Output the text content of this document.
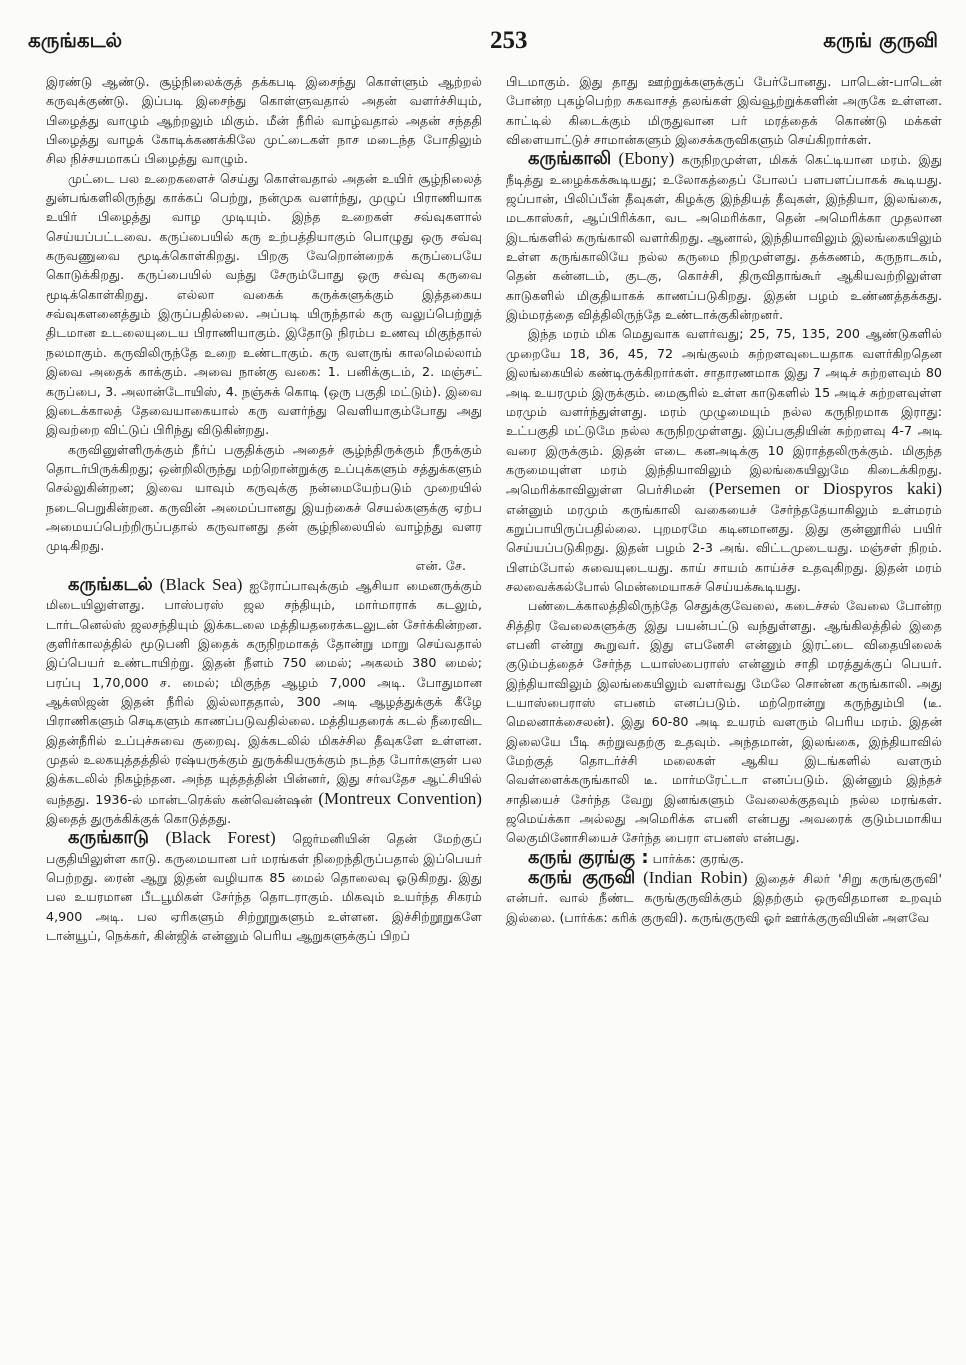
கருங்கடல்	253	கருங் குருவி

இரண்டு ஆண்டு. சூழ்நிலைக்குத் தக்கபடி இசைந்து கொள்ளும் ஆற்றல் கருவுக்குண்டு. இப்படி இசைந்து கொள்ளுவதால் அதன் வளர்ச்சியும், பிழைத்து வாழும் ஆற்றலும் மிகும். மீன் நீரில் வாழ்வதால் அதன் சந்ததி பிழைத்து வாழக் கோடிக்கணக்கிலே முட்டைகள் நாச மடைந்த போதிலும் சில நிச்சயமாகப் பிழைத்து வாழும்.

முட்டை பல உறைகளைச் செய்து கொள்வதால் அதன் உயிர் சூழ்நிலைத் துன்பங்களிலிருந்து காக்கப் பெற்று, நன்முக வளர்ந்து, முழுப் பிராணியாக உயிர் பிழைத்து வாழ முடியும். இந்த உறைகள் சவ்வுகளால் செய்யப்பட்டவை. கருப்பையில் கரு உற்பத்தியாகும் பொழுது ஒரு சவ்வு கருவணுவை மூடிக்கொள்கிறது. பிறகு வேறொன்றைக் கருப்பையே கொடுக்கிறது. கருப்பையில் வந்து சேரும்போது ஒரு சவ்வு கருவை மூடிக்கொள்கிறது. எல்லா வகைக் கருக்களுக்கும் இத்தகைய சவ்வுகளனைத்தும் இருப்பதில்லை. அப்படி யிருந்தால் கரு வலுப்பெற்றுத் திடமான உடலையுடைய பிராணியாகும். இதோடு நிரம்ப உணவு மிகுந்தால் நலமாகும். கருவிலிருந்தே உறை உண்டாகும். கரு வளருங் காலமெல்லாம் இவை அதைக் காக்கும். அவை நான்கு வகை: 1. பனிக்குடம், 2. மஞ்சட் கருப்பை, 3. அலான்டோயிஸ், 4. நஞ்சுக் கொடி (ஒரு பகுதி மட்டும்). இவை இடைக்காலத் தேவையாகையால் கரு வளர்ந்து வெளியாகும்போது அது இவற்றை விட்டுப் பிரிந்து விடுகின்றது.

கருவினுள்ளிருக்கும் நீர்ப் பகுதிக்கும் அதைச் சூழ்ந்திருக்கும் நீருக்கும் தொடர்பிருக்கிறது; ஒன்றிலிருந்து மற்றொன்றுக்கு உப்புக்களும் சத்துக்களும் செல்லுகின்றன; இவை யாவும் கருவுக்கு நன்மையேற்படும் முறையில் நடைபெறுகின்றன. கருவின் அமைப்பானது இயற்கைச் செயல்களுக்கு ஏற்ப அமையப்பெற்றிருப்பதால் கருவானது தன் சூழ்நிலையில் வாழ்ந்து வளர முடிகிறது.
என். சே.

கருங்கடல் (Black Sea) ஐரோப்பாவுக்கும் ஆசியா மைனருக்கும் மிடையிலுள்ளது. பாஸ்பரஸ் ஜல சந்தியும், மார்மாராக் கடலும், டார்டனெல்ஸ் ஜலசந்தியும் இக்கடலை மத்தியதரைக்கடலுடன் சேர்க்கின்றன. குளிர்காலத்தில் மூடுபனி இதைக் கருநிறமாகத் தோன்று மாறு செய்வதால் இப்பெயர் உண்டாயிற்று. இதன் நீளம் 750 மைல்; அகலம் 380 மைல்; பரப்பு 1,70,000 ச. மைல்; மிகுந்த ஆழம் 7,000 அடி. போதுமான ஆக்ஸிஜன் இதன் நீரில் இல்லாததால், 300 அடி ஆழத்துக்குக் கீழே பிராணிகளும் செடிகளும் காணப்படுவதில்லை. மத்தியதரைக் கடல் நீரைவிட இதன்நீரில் உப்புச்சுவை குறைவு. இக்கடலில் மிகச்சில தீவுகளே உள்ளன. முதல் உலகயுத்தத்தில் ரஷ்யருக்கும் துருக்கியருக்கும் நடந்த போர்களுள் பல இக்கடலில் நிகழ்ந்தன. அந்த யுத்தத்தின் பின்னர், இது சர்வதேச ஆட்சியில் வந்தது. 1936-ல் மான்டரெக்ஸ் கன்வென்ஷன் (Montreux Convention) இதைத் துருக்கிக்குக் கொடுத்தது.

கருங்காடு (Black Forest) ஜெர்மனியின் தென் மேற்குப் பகுதியிலுள்ள காடு. கருமையான பர் மரங்கள் நிறைந்திருப்பதால் இப்பெயர் பெற்றது. ரைன் ஆறு இதன் வழியாக 85 மைல் தொலைவு ஓடுகிறது. இது பல உயரமான பீடபூமிகள் சேர்ந்த தொடராகும். மிகவும் உயர்ந்த சிகரம் 4,900 அடி. பல ஏரிகளும் சிற்றூறுகளும் உள்ளன. இச்சிற்றூறுகளே டான்யூப், நெக்கர், கின்ஜிக் என்னும் பெரிய ஆறுகளுக்குப் பிறப்

பிடமாகும். இது தாது ஊற்றுக்களுக்குப் பேர்போனது. பாடென்-பாடென் போன்ற புகழ்பெற்ற சுகவாசத் தலங்கள் இவ்வூற்றுக்களின் அருகே உள்ளன. காட்டில் கிடைக்கும் மிருதுவான பர் மரத்தைக் கொண்டு மக்கள் விளையாட்டுச் சாமான்களும் இசைக்கருவிகளும் செய்கிறார்கள்.

கருங்காலி (Ebony) கருநிறமுள்ள, மிகக் கெட்டியான மரம். இது நீடித்து உழைக்கக்கூடியது; உலோகத்தைப் போலப் பளபளப்பாகக் கூடியது. ஜப்பான், பிலிப்பீன் தீவுகள், கிழக்கு இந்தியத் தீவுகள், இந்தியா, இலங்கை, மடகாஸ்கர், ஆப்பிரிக்கா, வட அமெரிக்கா, தென் அமெரிக்கா முதலான இடங்களில் கருங்காலி வளர்கிறது. ஆனால், இந்தியாவிலும் இலங்கையிலும் உள்ள கருங்காலியே நல்ல கருமை நிறமுள்ளது. தக்கணம், கருநாடகம், தென் கன்னடம், குடகு, கொச்சி, திருவிதாங்கூர் ஆகியவற்றிலுள்ள காடுகளில் மிகுதியாகக் காணப்படுகிறது. இதன் பழம் உண்ணத்தக்கது. இம்மரத்தை வித்திலிருந்தே உண்டாக்குகின்றனர்.

இந்த மரம் மிக மெதுவாக வளர்வது; 25, 75, 135, 200 ஆண்டுகளில் முறையே 18, 36, 45, 72 அங்குலம் சுற்றளவுடையதாக வளர்கிறதென இலங்கையில் கண்டிருக்கிறார்கள். சாதாரணமாக இது 7 அடிச் சுற்றளவும் 80 அடி உயரமும் இருக்கும். மைசூரில் உள்ள காடுகளில் 15 அடிச் சுற்றளவுள்ள மரமும் வளர்ந்துள்ளது. மரம் முழுமையும் நல்ல கருநிறமாக இராது: உட்பகுதி மட்டுமே நல்ல கருநிறமுள்ளது. இப்பகுதியின் சுற்றளவு 4-7 அடி வரை இருக்கும். இதன் எடை கனஅடிக்கு 10 இராத்தலிருக்கும். மிகுந்த கருமையுள்ள மரம் இந்தியாவிலும் இலங்கையிலுமே கிடைக்கிறது. அமெரிக்காவிலுள்ள பெர்சிமன் (Persemen or Diospyros kaki) என்னும் மரமும் கருங்காலி வகையைச் சேர்ந்ததேயாகிலும் உள்மரம் கறுப்பாயிருப்பதில்லை. புறமரமே கடினமானது. இது குன்னூரில் பயிர் செய்யப்படுகிறது. இதன் பழம் 2-3 அங். விட்டமுடையது. மஞ்சள் நிறம். பிளம்போல் சுவையுடையது. காய் சாயம் காய்ச்ச உதவுகிறது. இதன் மரம் சலவைக்கல்போல் மென்மையாகச் செய்யக்கூடியது.

பண்டைக்காலத்திலிருந்தே செதுக்குவேலை, கடைச்சல் வேலை போன்ற சித்திர வேலைகளுக்கு இது பயன்பட்டு வந்துள்ளது. ஆங்கிலத்தில் இதை எபனி என்று கூறுவர். இது எபனேசி என்னும் இரட்டை விதையிலைக் குடும்பத்தைச் சேர்ந்த டயாஸ்பைராஸ் என்னும் சாதி மரத்துக்குப் பெயர். இந்தியாவிலும் இலங்கையிலும் வளர்வது மேலே சொன்ன கருங்காலி. அது டயாஸ்பைராஸ் எபனம் எனப்படும். மற்றொன்று கருந்தும்பி (டீ. மெலனாக்சைலன்). இது 60-80 அடி உயரம் வளரும் பெரிய மரம். இதன் இலையே பீடி சுற்றுவதற்கு உதவும். அந்தமான், இலங்கை, இந்தியாவில் மேற்குத் தொடர்ச்சி மலைகள் ஆகிய இடங்களில் வளரும் வெள்ளைக்கருங்காலி டீ. மார்மரேட்டா எனப்படும். இன்னும் இந்தச் சாதியைச் சேர்ந்த வேறு இனங்களும் வேலைக்குதவும் நல்ல மரங்கள். ஜமெய்க்கா அல்லது அமெரிக்க எபனி என்பது அவரைக் குடும்பமாகிய லெகுமினோசியைச் சேர்ந்த பைரா எபனஸ் என்பது.

கருங் குரங்கு : பார்க்க: குரங்கு.

கருங் குருவி (Indian Robin) இதைச் சிலர் 'சிறு கருங்குருவி' என்பர். வால் நீண்ட கருங்குருவிக்கும் இதற்கும் ஒருவிதமான உறவும் இல்லை. (பார்க்க: கரிக் குருவி). கருங்குருவி ஓர் ஊர்க்குருவியின் அளவே
